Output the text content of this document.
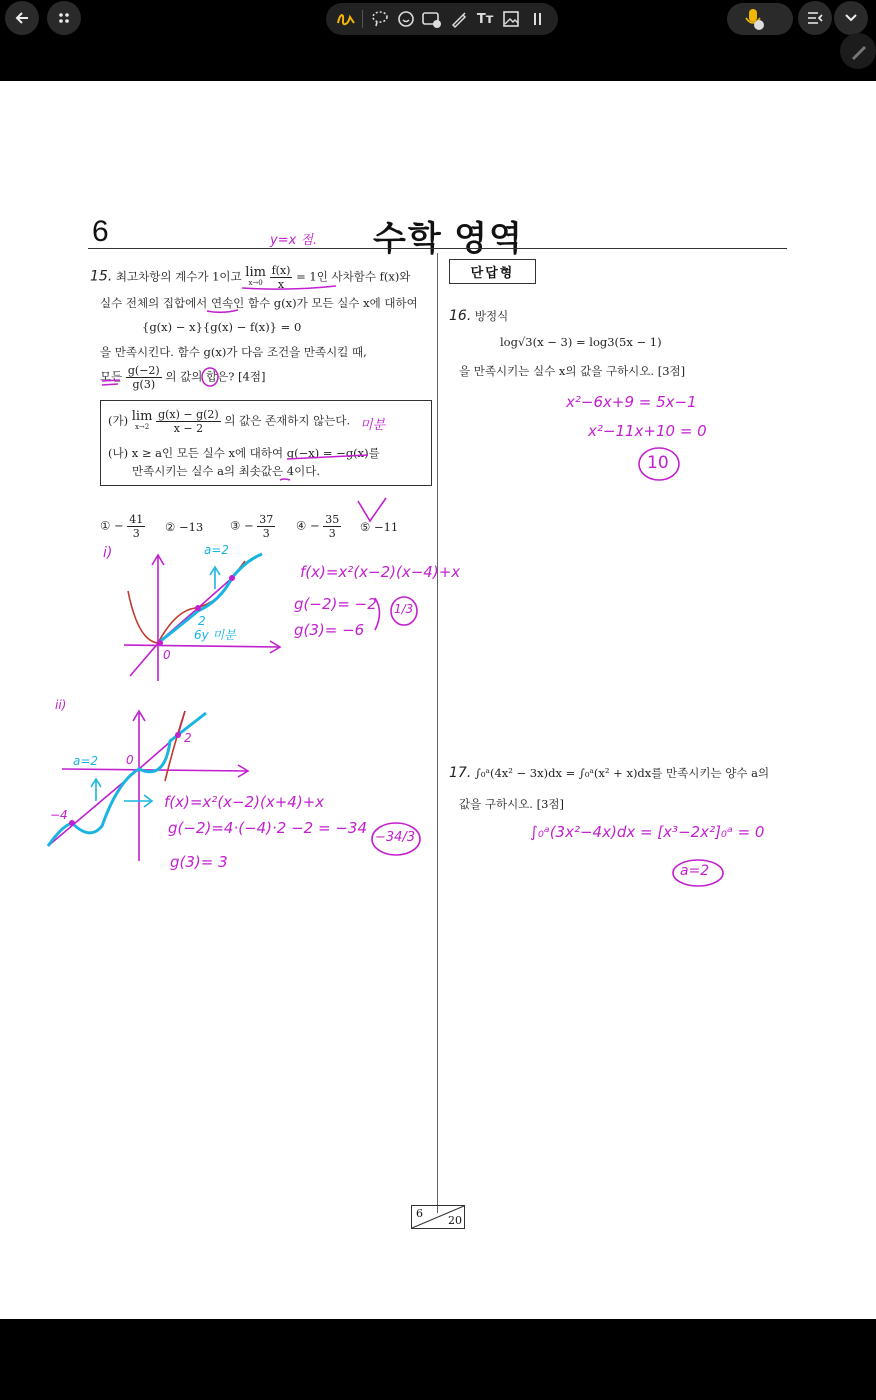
Tт
6	수학 영역
15. 최고차항의 계수가 1이고 lim
x→0
$\frac{f(x)}{x} = 1$인 사차함수 f(x)와
실수 전체의 집합에서 연속인 함수 g(x)가 모든 실수 x에 대하여
{g(x) − x}{g(x) − f(x)} = 0
을 만족시킨다. 함수 g(x)가 다음 조건을 만족시킬 때,
모든 $\frac{g(-2)}{g(3)}$ 의 값의 합은? [4점]
(가) lim
x→2
$\frac{g(x) - g(2)}{x - 2}$ 의 값은 존재하지 않는다.
(나) x ≥ a인 모든 실수 x에 대하여 g(−x) = −g(x)를
만족시키는 실수 a의 최솟값은 4이다.
① − $\frac{41}{3}$ ② −13 ③ − $\frac{37}{3}$ ④ − $\frac{35}{3}$ ⑤ −11
단답형
16. 방정식
log√3(x − 3) = log3(5x − 1)
을 만족시키는 실수 x의 값을 구하시오. [3점]
17. ∫₀ᵃ(4x² − 3x)dx = ∫₀ᵃ(x² + x)dx를 만족시키는 양수 a의
값을 구하시오. [3점]
6
20
y=x 점.
미분
i)	a=2
2
6y 미분
0
f(x)=x²(x−2)(x−4)+x
g(−2)= −2
g(3)= −6
1/3
ii)
a=2 0
2
−4
f(x)=x²(x−2)(x+4)+x
g(−2)=4·(−4)·2 −2 = −34
g(3)= 3
−34/3
x²−6x+9 = 5x−1
x²−11x+10 = 0
10
∫₀ᵃ(3x²−4x)dx = [x³−2x²]₀ᵃ = 0
a=2
